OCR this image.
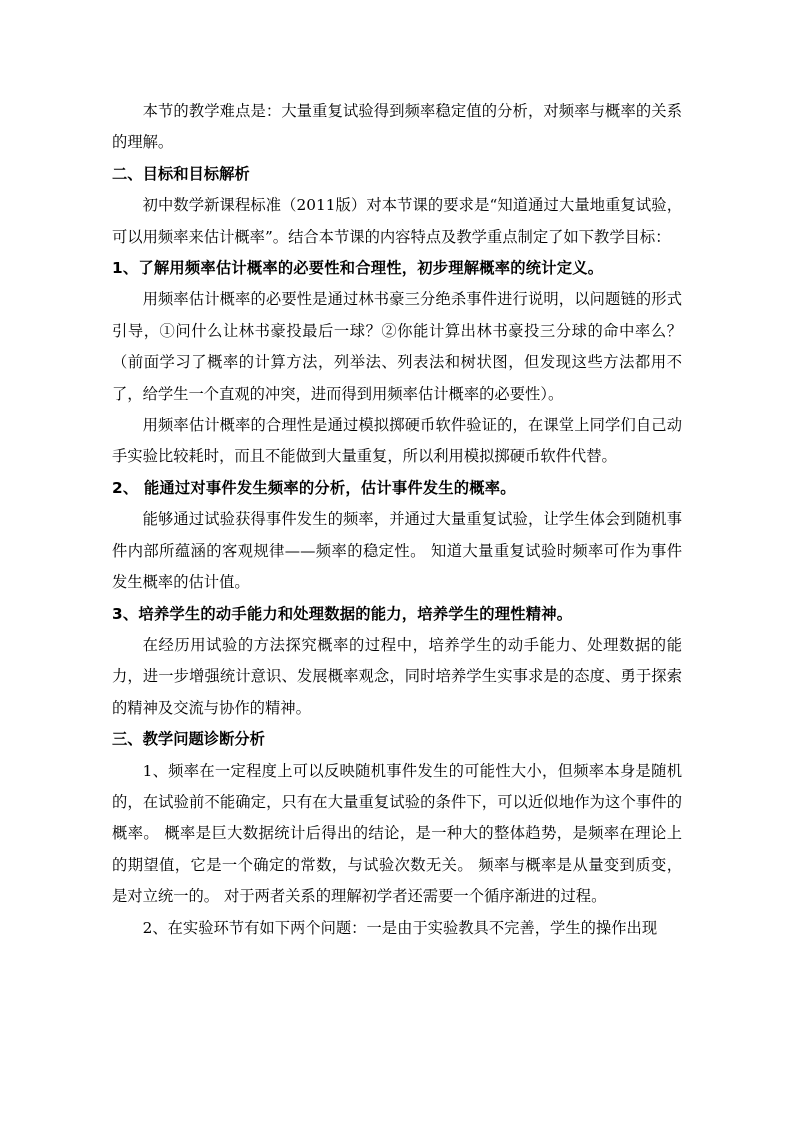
本节的教学难点是：大量重复试验得到频率稳定值的分析，对频率与概率的关系的理解。

二、目标和目标解析

初中数学新课程标准（2011版）对本节课的要求是“知道通过大量地重复试验，可以用频率来估计概率”。结合本节课的内容特点及教学重点制定了如下教学目标：

1、了解用频率估计概率的必要性和合理性，初步理解概率的统计定义。

用频率估计概率的必要性是通过林书豪三分绝杀事件进行说明，以问题链的形式引导，①问什么让林书豪投最后一球？②你能计算出林书豪投三分球的命中率么？（前面学习了概率的计算方法，列举法、列表法和树状图，但发现这些方法都用不了，给学生一个直观的冲突，进而得到用频率估计概率的必要性）。

用频率估计概率的合理性是通过模拟掷硬币软件验证的，在课堂上同学们自己动手实验比较耗时，而且不能做到大量重复，所以利用模拟掷硬币软件代替。

2、 能通过对事件发生频率的分析，估计事件发生的概率。

能够通过试验获得事件发生的频率，并通过大量重复试验，让学生体会到随机事件内部所蕴涵的客观规律——频率的稳定性。 知道大量重复试验时频率可作为事件发生概率的估计值。

3、培养学生的动手能力和处理数据的能力，培养学生的理性精神。

在经历用试验的方法探究概率的过程中，培养学生的动手能力、处理数据的能力，进一步增强统计意识、发展概率观念，同时培养学生实事求是的态度、勇于探索的精神及交流与协作的精神。

三、教学问题诊断分析

1、频率在一定程度上可以反映随机事件发生的可能性大小，但频率本身是随机的，在试验前不能确定，只有在大量重复试验的条件下，可以近似地作为这个事件的概率。 概率是巨大数据统计后得出的结论，是一种大的整体趋势，是频率在理论上的期望值，它是一个确定的常数，与试验次数无关。 频率与概率是从量变到质变，是对立统一的。 对于两者关系的理解初学者还需要一个循序渐进的过程。

2、在实验环节有如下两个问题：一是由于实验教具不完善，学生的操作出现
